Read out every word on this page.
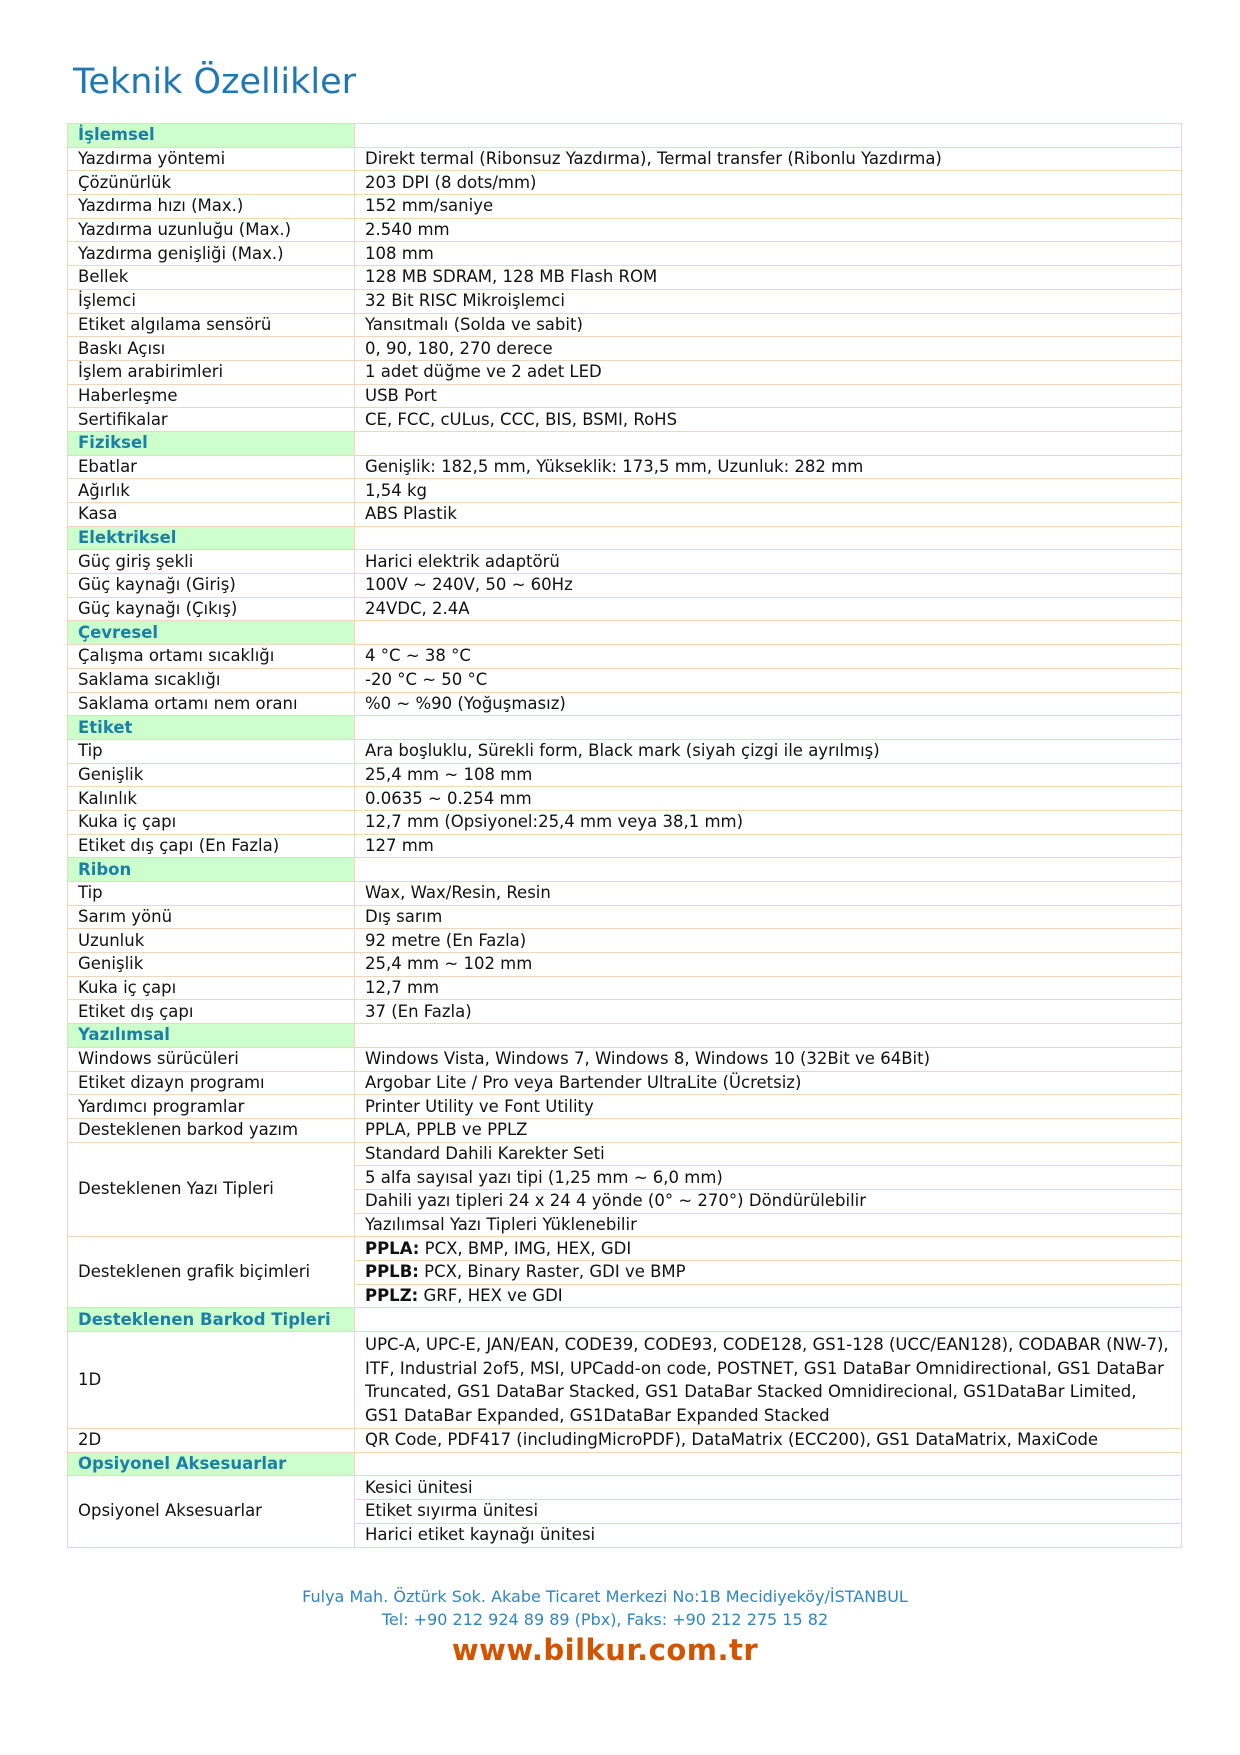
Teknik Özellikler
İşlemsel	
Yazdırma yöntemi	Direkt termal (Ribonsuz Yazdırma), Termal transfer (Ribonlu Yazdırma)
Çözünürlük	203 DPI (8 dots/mm)
Yazdırma hızı (Max.)	152 mm/saniye
Yazdırma uzunluğu (Max.)	2.540 mm
Yazdırma genişliği (Max.)	108 mm
Bellek	128 MB SDRAM, 128 MB Flash ROM
İşlemci	32 Bit RISC Mikroişlemci
Etiket algılama sensörü	Yansıtmalı (Solda ve sabit)
Baskı Açısı	0, 90, 180, 270 derece
İşlem arabirimleri	1 adet düğme ve 2 adet LED
Haberleşme	USB Port
Sertifikalar	CE, FCC, cULus, CCC, BIS, BSMI, RoHS
Fiziksel	
Ebatlar	Genişlik: 182,5 mm, Yükseklik: 173,5 mm, Uzunluk: 282 mm
Ağırlık	1,54 kg
Kasa	ABS Plastik
Elektriksel	
Güç giriş şekli	Harici elektrik adaptörü
Güç kaynağı (Giriş)	100V ~ 240V, 50 ~ 60Hz
Güç kaynağı (Çıkış)	24VDC, 2.4A
Çevresel	
Çalışma ortamı sıcaklığı	4 °C ~ 38 °C
Saklama sıcaklığı	-20 °C ~ 50 °C
Saklama ortamı nem oranı	%0 ~ %90 (Yoğuşmasız)
Etiket	
Tip	Ara boşluklu, Sürekli form, Black mark (siyah çizgi ile ayrılmış)
Genişlik	25,4 mm ~ 108 mm
Kalınlık	0.0635 ~ 0.254 mm
Kuka iç çapı	12,7 mm (Opsiyonel:25,4 mm veya 38,1 mm)
Etiket dış çapı (En Fazla)	127 mm
Ribon	
Tip	Wax, Wax/Resin, Resin
Sarım yönü	Dış sarım
Uzunluk	92 metre (En Fazla)
Genişlik	25,4 mm ~ 102 mm
Kuka iç çapı	12,7 mm
Etiket dış çapı	37 (En Fazla)
Yazılımsal	
Windows sürücüleri	Windows Vista, Windows 7, Windows 8, Windows 10 (32Bit ve 64Bit)
Etiket dizayn programı	Argobar Lite / Pro veya Bartender UltraLite (Ücretsiz)
Yardımcı programlar	Printer Utility ve Font Utility
Desteklenen barkod yazım	PPLA, PPLB ve PPLZ
Desteklenen Yazı Tipleri	Standard Dahili Karekter Seti
	5 alfa sayısal yazı tipi (1,25 mm ~ 6,0 mm)
	Dahili yazı tipleri 24 x 24 4 yönde (0° ~ 270°) Döndürülebilir
	Yazılımsal Yazı Tipleri Yüklenebilir
Desteklenen grafik biçimleri	PPLA: PCX, BMP, IMG, HEX, GDI
	PPLB: PCX, Binary Raster, GDI ve BMP
	PPLZ: GRF, HEX ve GDI
Desteklenen Barkod Tipleri	
1D	UPC-A, UPC-E, JAN/EAN, CODE39, CODE93, CODE128, GS1-128 (UCC/EAN128), CODABAR (NW-7), ITF, Industrial 2of5, MSI, UPCadd-on code, POSTNET, GS1 DataBar Omnidirectional, GS1 DataBar Truncated, GS1 DataBar Stacked, GS1 DataBar Stacked Omnidirecional, GS1DataBar Limited, GS1 DataBar Expanded, GS1DataBar Expanded Stacked
2D	QR Code, PDF417 (includingMicroPDF), DataMatrix (ECC200), GS1 DataMatrix, MaxiCode
Opsiyonel Aksesuarlar	
Opsiyonel Aksesuarlar	Kesici ünitesi
	Etiket sıyırma ünitesi
	Harici etiket kaynağı ünitesi
Fulya Mah. Öztürk Sok. Akabe Ticaret Merkezi No:1B Mecidiyeköy/İSTANBUL
Tel: +90 212 924 89 89 (Pbx), Faks: +90 212 275 15 82
www.bilkur.com.tr
